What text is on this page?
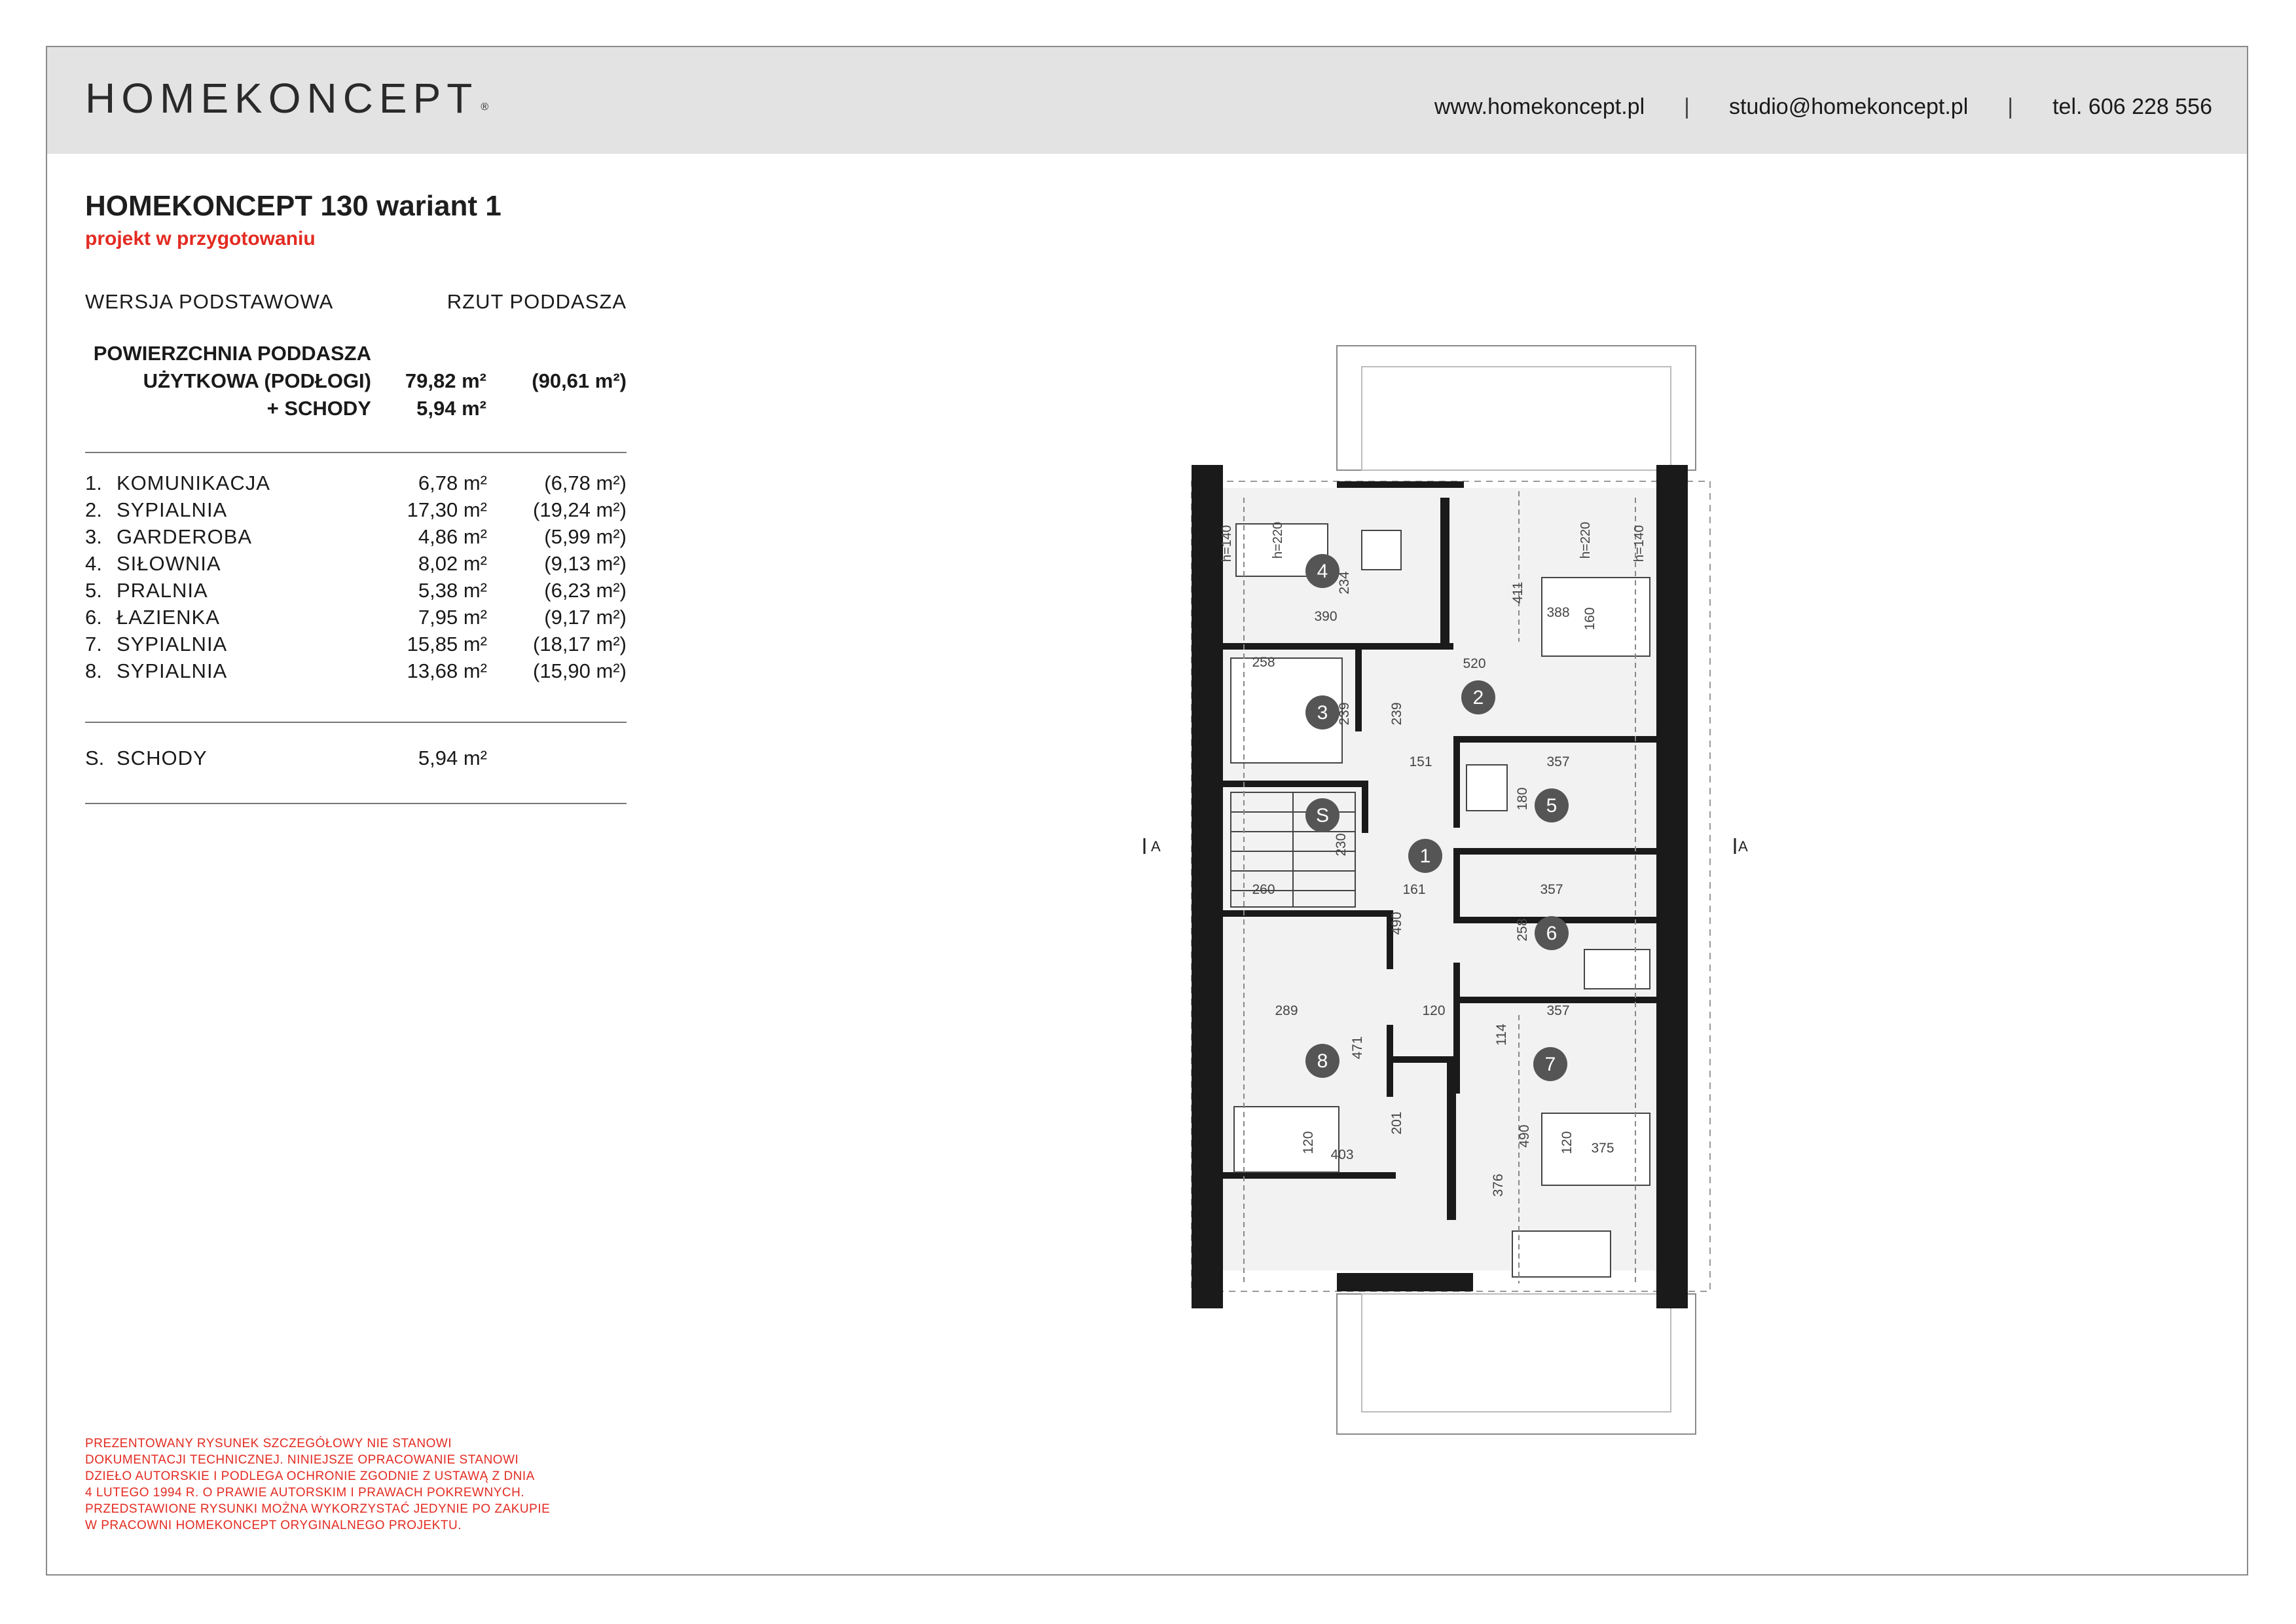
HOMEKONCEPT ®	www.homekoncept.pl | studio@homekoncept.pl | tel. 606 228 556
HOMEKONCEPT 130 wariant 1
projekt w przygotowaniu
WERSJA PODSTAWOWA	RZUT PODDASZA
POWIERZCHNIA PODDASZA
UŻYTKOWA (PODŁOGI) 79,82 m² (90,61 m²)
+ SCHODY 5,94 m²
1. KOMUNIKACJA	6,78 m²	(6,78 m²)
2. SYPIALNIA	17,30 m² (19,24 m²)
3. GARDEROBA	4,86 m²	(5,99 m²)
4. SIŁOWNIA	8,02 m²	(9,13 m²)
5. PRALNIA	5,38 m²	(6,23 m²)
6. ŁAZIENKA	7,95 m²	(9,17 m²)
7. SYPIALNIA	15,85 m² (18,17 m²)
8. SYPIALNIA	13,68 m² (15,90 m²)
S. SCHODY	5,94 m²
PREZENTOWANY RYSUNEK SZCZEGÓŁOWY NIE STANOWI
DOKUMENTACJI TECHNICZNEJ. NINIEJSZE OPRACOWANIE STANOWI
DZIEŁO AUTORSKIE I PODLEGA OCHRONIE ZGODNIE Z USTAWĄ Z DNIA
4 LUTEGO 1994 R. O PRAWIE AUTORSKIM I PRAWACH POKREWNYCH.
PRZEDSTAWIONE RYSUNKI MOŻNA WYKORZYSTAĆ JEDYNIE PO ZAKUPIE
W PRACOWNI HOMEKONCEPT ORYGINALNEGO PROJEKTU.
A	A
1
2
3
4
5
6
7
8
S
390
234	411
388 160
520
258
239	239
151	357
180
260
230
161	357
258
490
289	120
114
357
471
201
120
403
490
376
120 375
h=140	h=220	h=220	h=140
